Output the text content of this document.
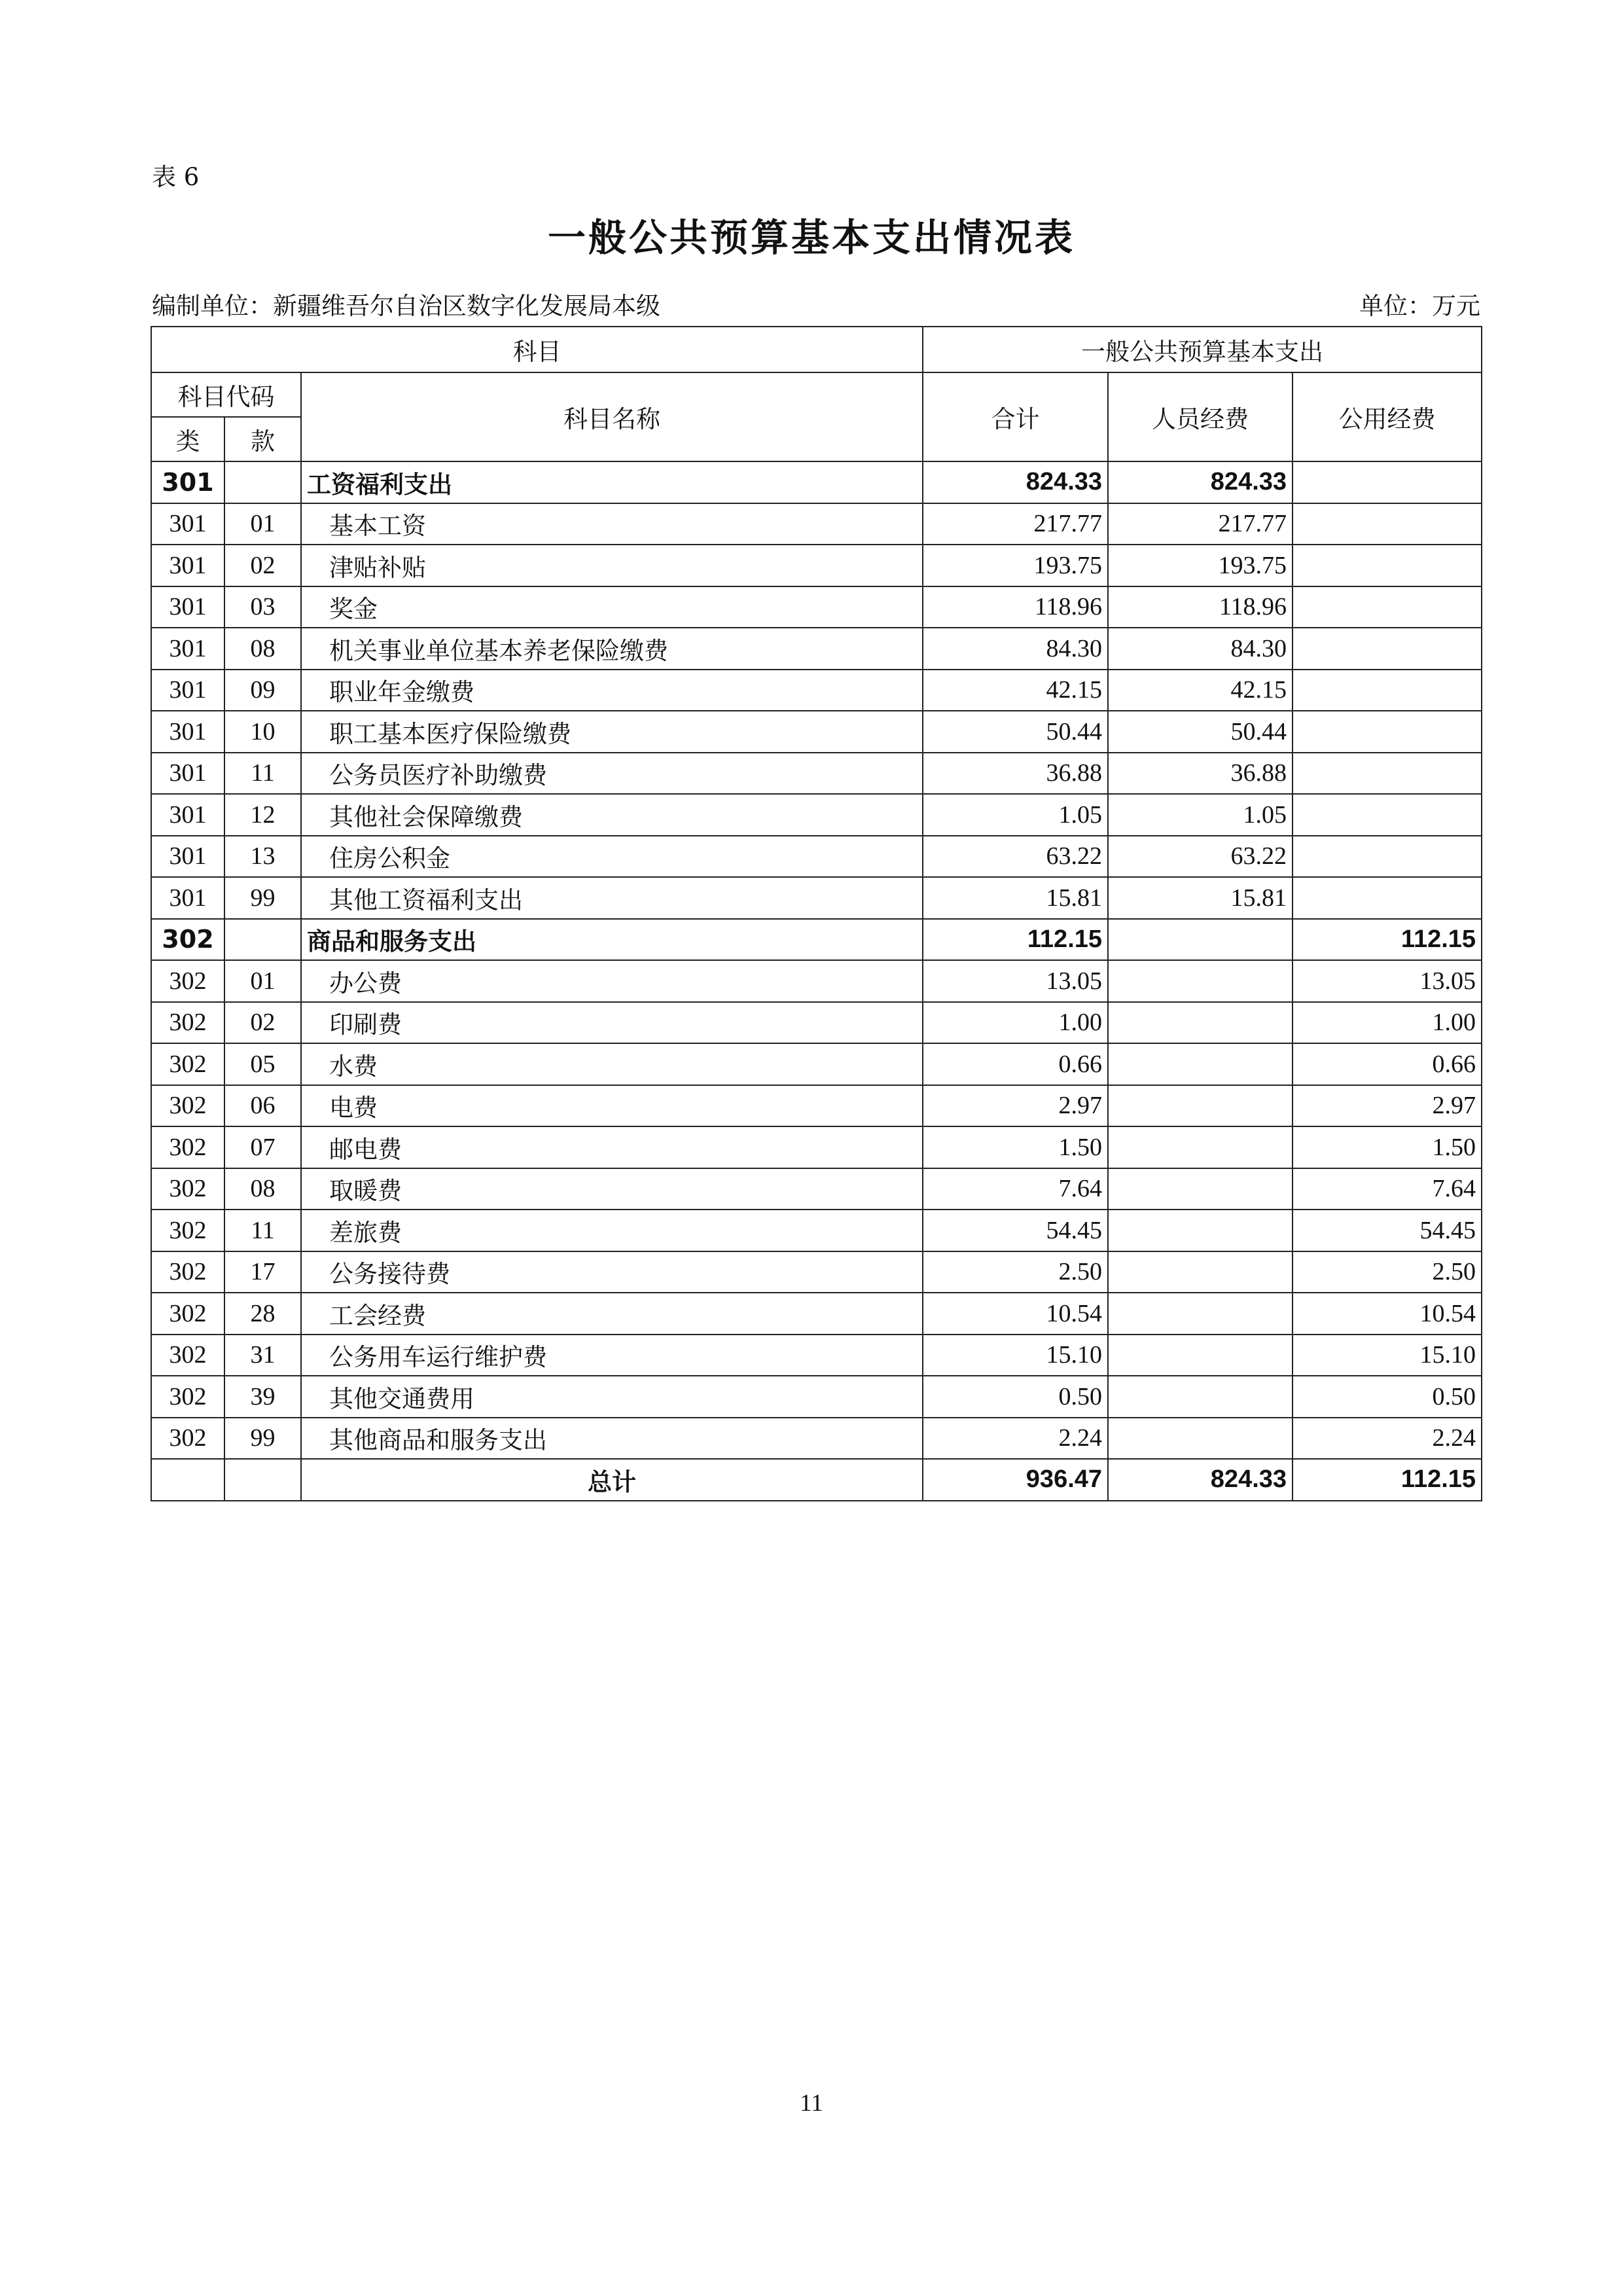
表 6
一般公共预算基本支出情况表
编制单位：新疆维吾尔自治区数字化发展局本级	单位：万元
科目			一般公共预算基本支出		
科目代码		科目名称	合计	人员经费	公用经费
类	款				
301		工资福利支出	824.33	824.33	
301	01	基本工资	217.77	217.77	
301	02	津贴补贴	193.75	193.75	
301	03	奖金	118.96	118.96	
301	08	机关事业单位基本养老保险缴费	84.30	84.30	
301	09	职业年金缴费	42.15	42.15	
301	10	职工基本医疗保险缴费	50.44	50.44	
301	11	公务员医疗补助缴费	36.88	36.88	
301	12	其他社会保障缴费	1.05	1.05	
301	13	住房公积金	63.22	63.22	
301	99	其他工资福利支出	15.81	15.81	
302		商品和服务支出	112.15		112.15
302	01	办公费	13.05		13.05
302	02	印刷费	1.00		1.00
302	05	水费	0.66		0.66
302	06	电费	2.97		2.97
302	07	邮电费	1.50		1.50
302	08	取暖费	7.64		7.64
302	11	差旅费	54.45		54.45
302	17	公务接待费	2.50		2.50
302	28	工会经费	10.54		10.54
302	31	公务用车运行维护费	15.10		15.10
302	39	其他交通费用	0.50		0.50
302	99	其他商品和服务支出	2.24		2.24
		总计	936.47	824.33	112.15
11
